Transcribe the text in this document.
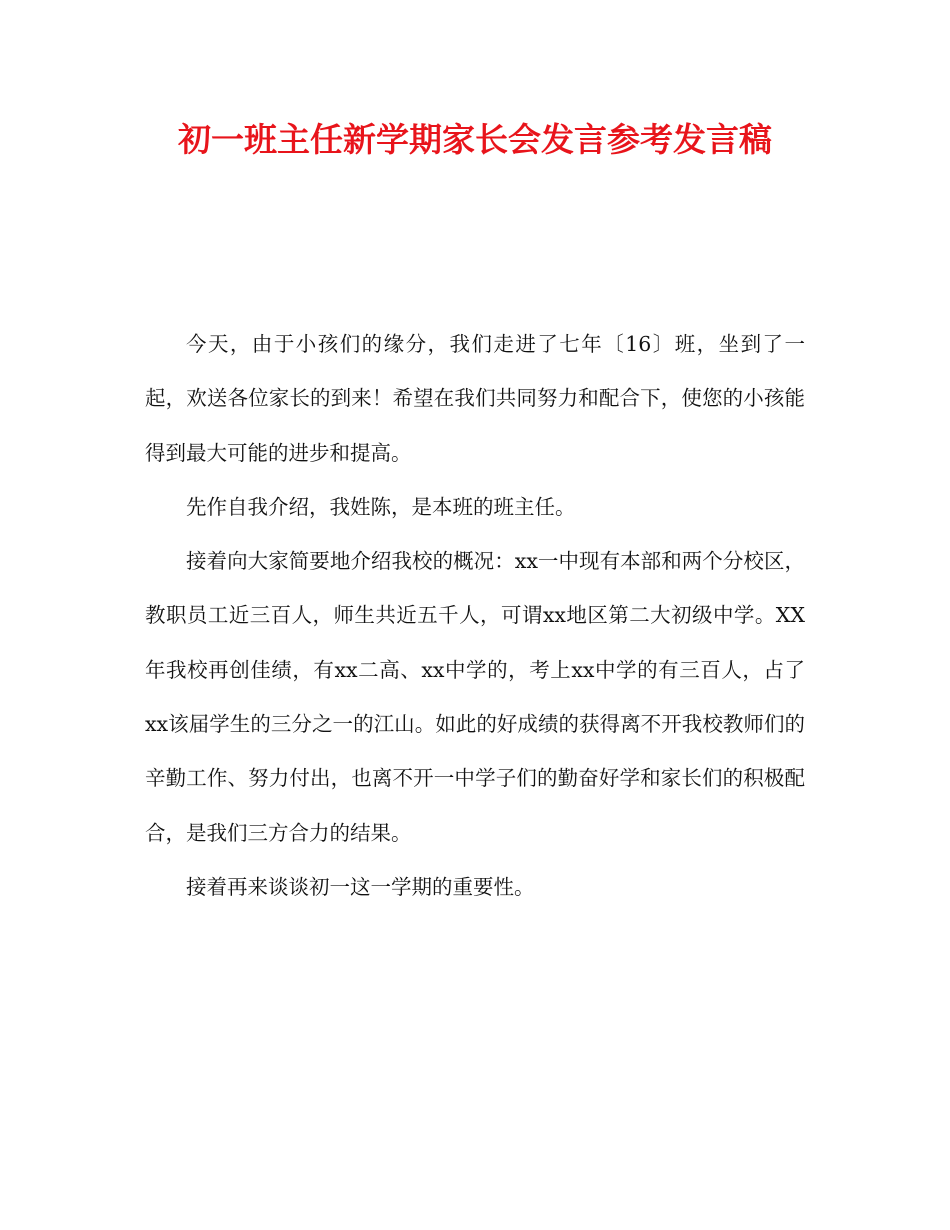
初一班主任新学期家长会发言参考发言稿

今天，由于小孩们的缘分，我们走进了七年〔16〕班，坐到了一起，欢送各位家长的到来！希望在我们共同努力和配合下，使您的小孩能得到最大可能的进步和提高。

先作自我介绍，我姓陈，是本班的班主任。

接着向大家简要地介绍我校的概况：xx一中现有本部和两个分校区，教职员工近三百人，师生共近五千人，可谓xx地区第二大初级中学。XX年我校再创佳绩，有xx二高、xx中学的，考上xx中学的有三百人，占了xx该届学生的三分之一的江山。如此的好成绩的获得离不开我校教师们的辛勤工作、努力付出，也离不开一中学子们的勤奋好学和家长们的积极配合，是我们三方合力的结果。

接着再来谈谈初一这一学期的重要性。
